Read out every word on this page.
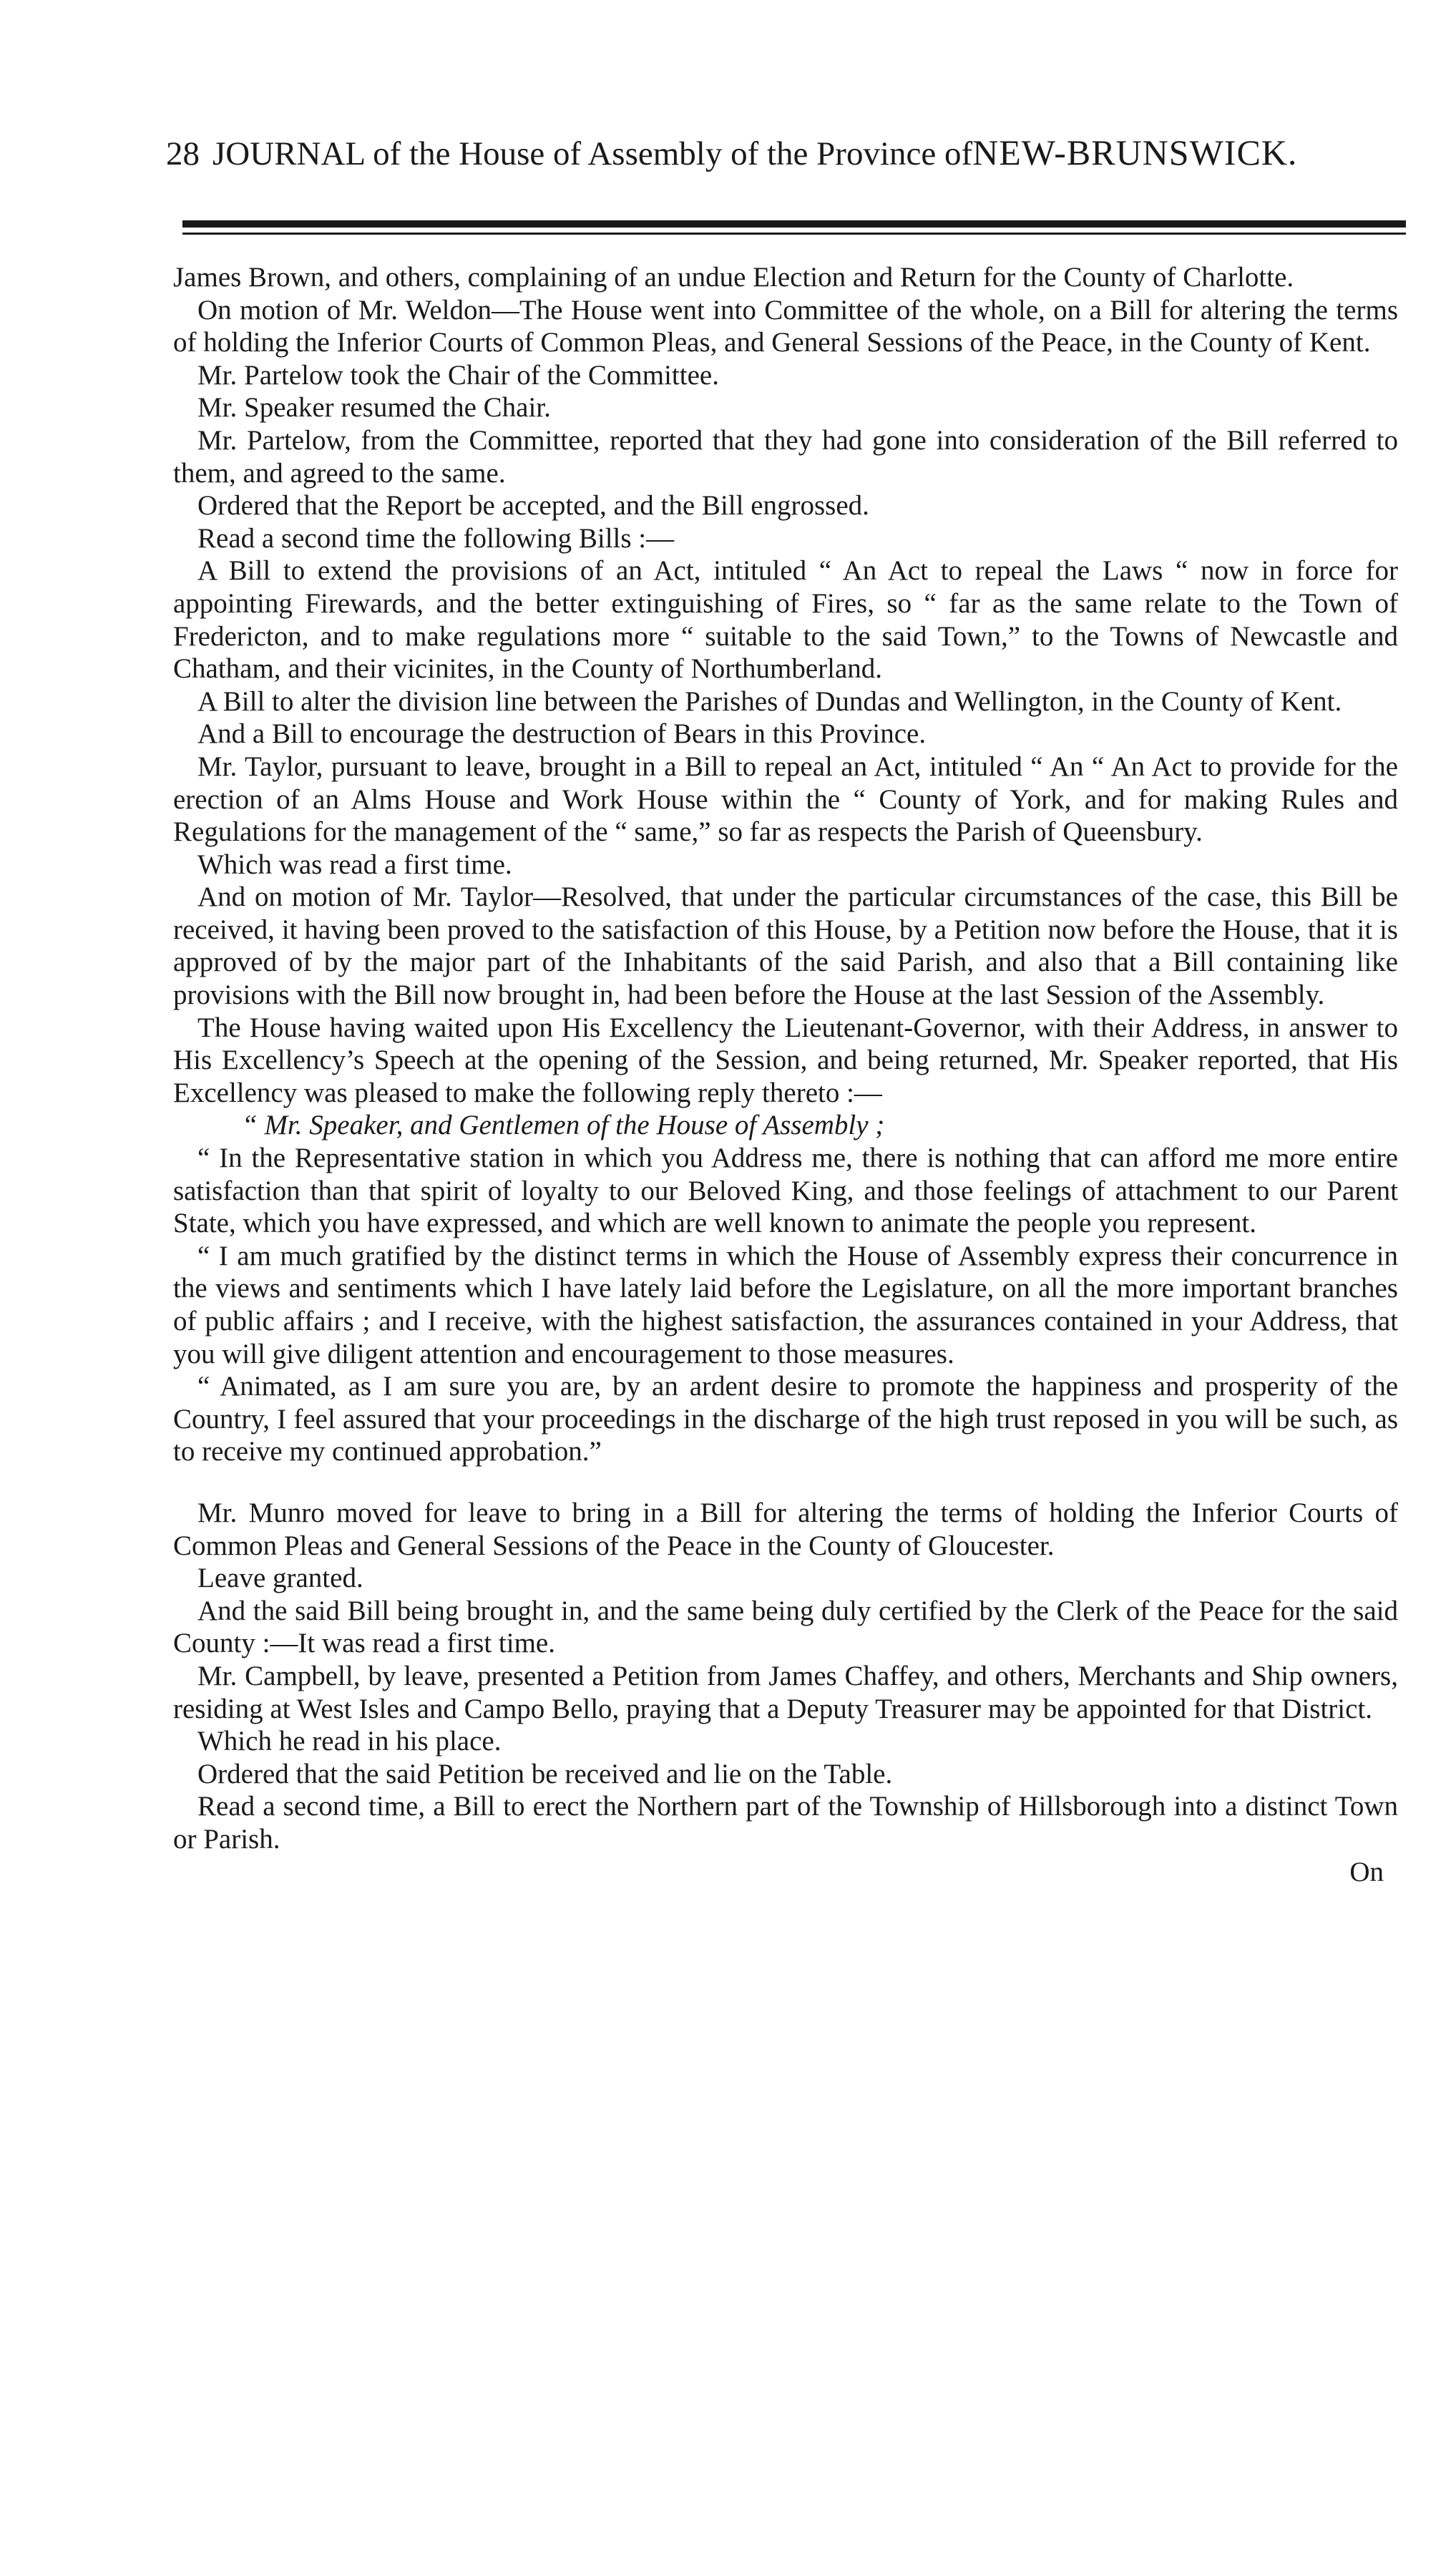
28 JOURNAL of the House of Assembly of the Province ofNEW-BRUNSWICK.

James Brown, and others, complaining of an undue Election and Return for the County of Charlotte.

On motion of Mr. Weldon—The House went into Committee of the whole, on a Bill for altering the terms of holding the Inferior Courts of Common Pleas, and General Sessions of the Peace, in the County of Kent.

Mr. Partelow took the Chair of the Committee.

Mr. Speaker resumed the Chair.

Mr. Partelow, from the Committee, reported that they had gone into consideration of the Bill referred to them, and agreed to the same.

Ordered that the Report be accepted, and the Bill engrossed.

Read a second time the following Bills :—

A Bill to extend the provisions of an Act, intituled “ An Act to repeal the Laws “ now in force for appointing Firewards, and the better extinguishing of Fires, so “ far as the same relate to the Town of Fredericton, and to make regulations more “ suitable to the said Town,” to the Towns of Newcastle and Chatham, and their vicinites, in the County of Northumberland.

A Bill to alter the division line between the Parishes of Dundas and Wellington, in the County of Kent.

And a Bill to encourage the destruction of Bears in this Province.

Mr. Taylor, pursuant to leave, brought in a Bill to repeal an Act, intituled “ An “ An Act to provide for the erection of an Alms House and Work House within the “ County of York, and for making Rules and Regulations for the management of the “ same,” so far as respects the Parish of Queensbury.

Which was read a first time.

And on motion of Mr. Taylor—Resolved, that under the particular circumstances of the case, this Bill be received, it having been proved to the satisfaction of this House, by a Petition now before the House, that it is approved of by the major part of the Inhabitants of the said Parish, and also that a Bill containing like provisions with the Bill now brought in, had been before the House at the last Session of the Assembly.

The House having waited upon His Excellency the Lieutenant-Governor, with their Address, in answer to His Excellency’s Speech at the opening of the Session, and being returned, Mr. Speaker reported, that His Excellency was pleased to make the following reply thereto :—

“ Mr. Speaker, and Gentlemen of the House of Assembly ;

“ In the Representative station in which you Address me, there is nothing that can afford me more entire satisfaction than that spirit of loyalty to our Beloved King, and those feelings of attachment to our Parent State, which you have expressed, and which are well known to animate the people you represent.

“ I am much gratified by the distinct terms in which the House of Assembly express their concurrence in the views and sentiments which I have lately laid before the Legislature, on all the more important branches of public affairs ; and I receive, with the highest satisfaction, the assurances contained in your Address, that you will give diligent attention and encouragement to those measures.

“ Animated, as I am sure you are, by an ardent desire to promote the happiness and prosperity of the Country, I feel assured that your proceedings in the discharge of the high trust reposed in you will be such, as to receive my continued approbation.”

Mr. Munro moved for leave to bring in a Bill for altering the terms of holding the Inferior Courts of Common Pleas and General Sessions of the Peace in the County of Gloucester.

Leave granted.

And the said Bill being brought in, and the same being duly certified by the Clerk of the Peace for the said County :—It was read a first time.

Mr. Campbell, by leave, presented a Petition from James Chaffey, and others, Merchants and Ship owners, residing at West Isles and Campo Bello, praying that a Deputy Treasurer may be appointed for that District.

Which he read in his place.

Ordered that the said Petition be received and lie on the Table.

Read a second time, a Bill to erect the Northern part of the Township of Hillsborough into a distinct Town or Parish.

On
